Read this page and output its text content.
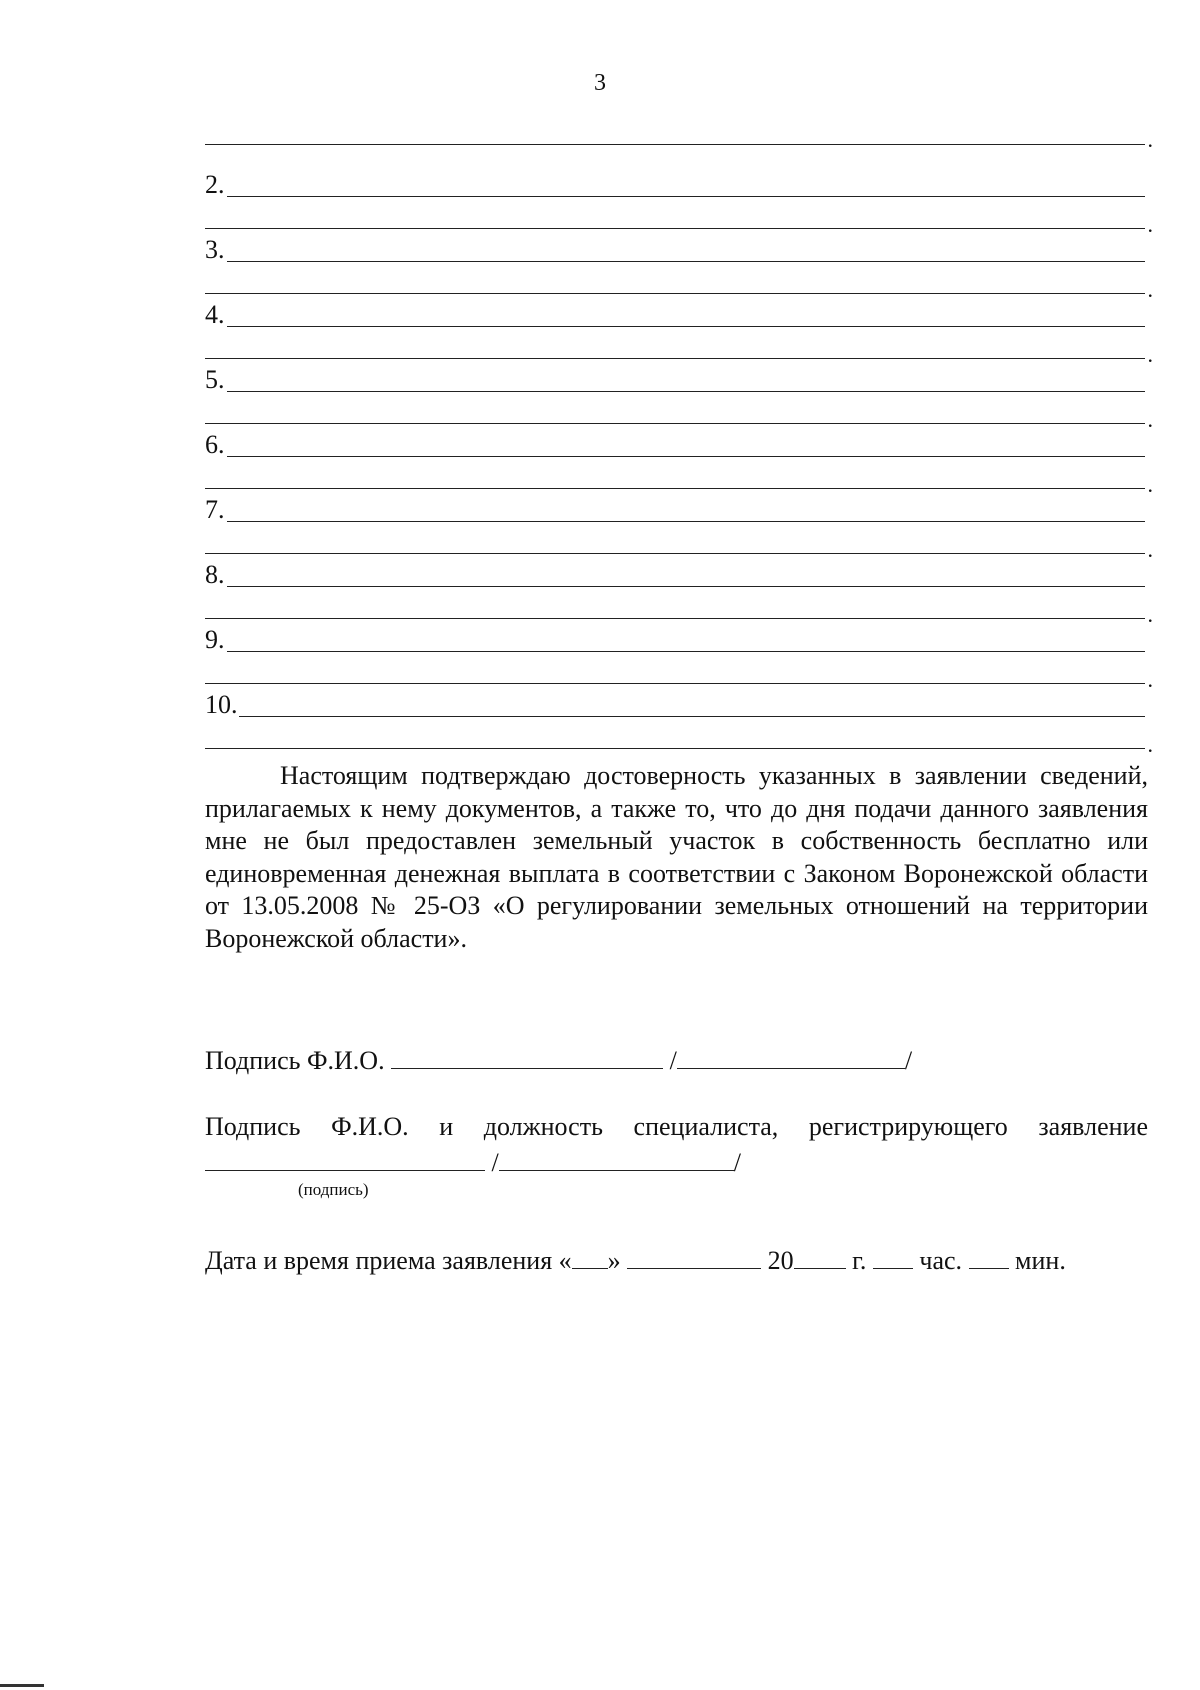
3
.
2.
.
3.
.
4.
.
5.
.
6.
.
7.
.
8.
.
9.
.
10.
.

Настоящим подтверждаю достоверность указанных в заявлении сведений, прилагаемых к нему документов, а также то, что до дня подачи данного заявления мне не был предоставлен земельный участок в собственность бесплатно или единовременная денежная выплата в соответствии с Законом Воронежской области от 13.05.2008 № 25-ОЗ «О регулировании земельных отношений на территории Воронежской области».

Подпись Ф.И.О.	/	/
Подпись Ф.И.О. и должность специалиста, регистрирующего заявление
/	/
(подпись)
Дата и время приема заявления « »	20 г. час. мин.
